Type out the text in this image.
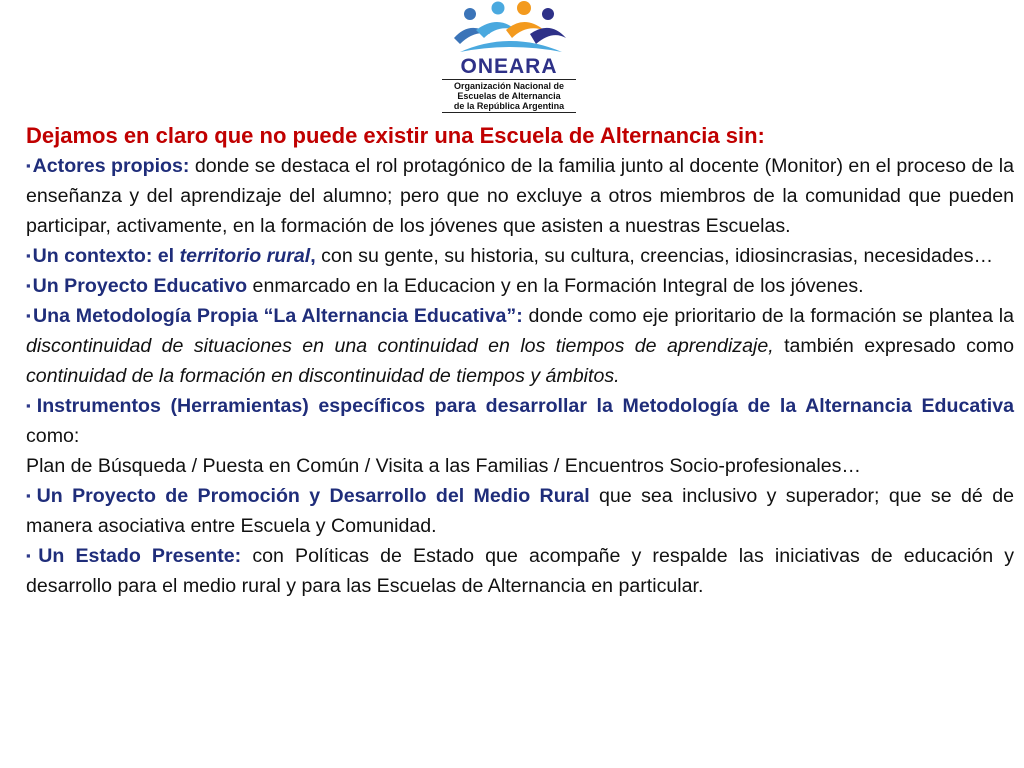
ONEARA
Organización Nacional de
Escuelas de Alternancia
de la República Argentina

Dejamos en claro que no puede existir una Escuela de Alternancia sin:

▪ Actores propios: donde se destaca el rol protagónico de la familia junto al docente (Monitor) en el proceso de la enseñanza y del aprendizaje del alumno; pero que no excluye a otros miembros de la comunidad que pueden participar, activamente, en la formación de los jóvenes que asisten a nuestras Escuelas.

▪ Un contexto: el territorio rural, con su gente, su historia, su cultura, creencias, idiosincrasias, necesidades…

▪ Un Proyecto Educativo enmarcado en la Educacion y en la Formación Integral de los jóvenes.

▪ Una Metodología Propia “La Alternancia Educativa”: donde como eje prioritario de la formación se plantea la discontinuidad de situaciones en una continuidad en los tiempos de aprendizaje, también expresado como continuidad de la formación en discontinuidad de tiempos y ámbitos.

▪ Instrumentos (Herramientas) específicos para desarrollar la Metodología de la Alternancia Educativa como:

Plan de Búsqueda / Puesta en Común / Visita a las Familias / Encuentros Socio-profesionales…

▪ Un Proyecto de Promoción y Desarrollo del Medio Rural que sea inclusivo y superador; que se dé de manera asociativa entre Escuela y Comunidad.

▪ Un Estado Presente: con Políticas de Estado que acompañe y respalde las iniciativas de educación y desarrollo para el medio rural y para las Escuelas de Alternancia en particular.
